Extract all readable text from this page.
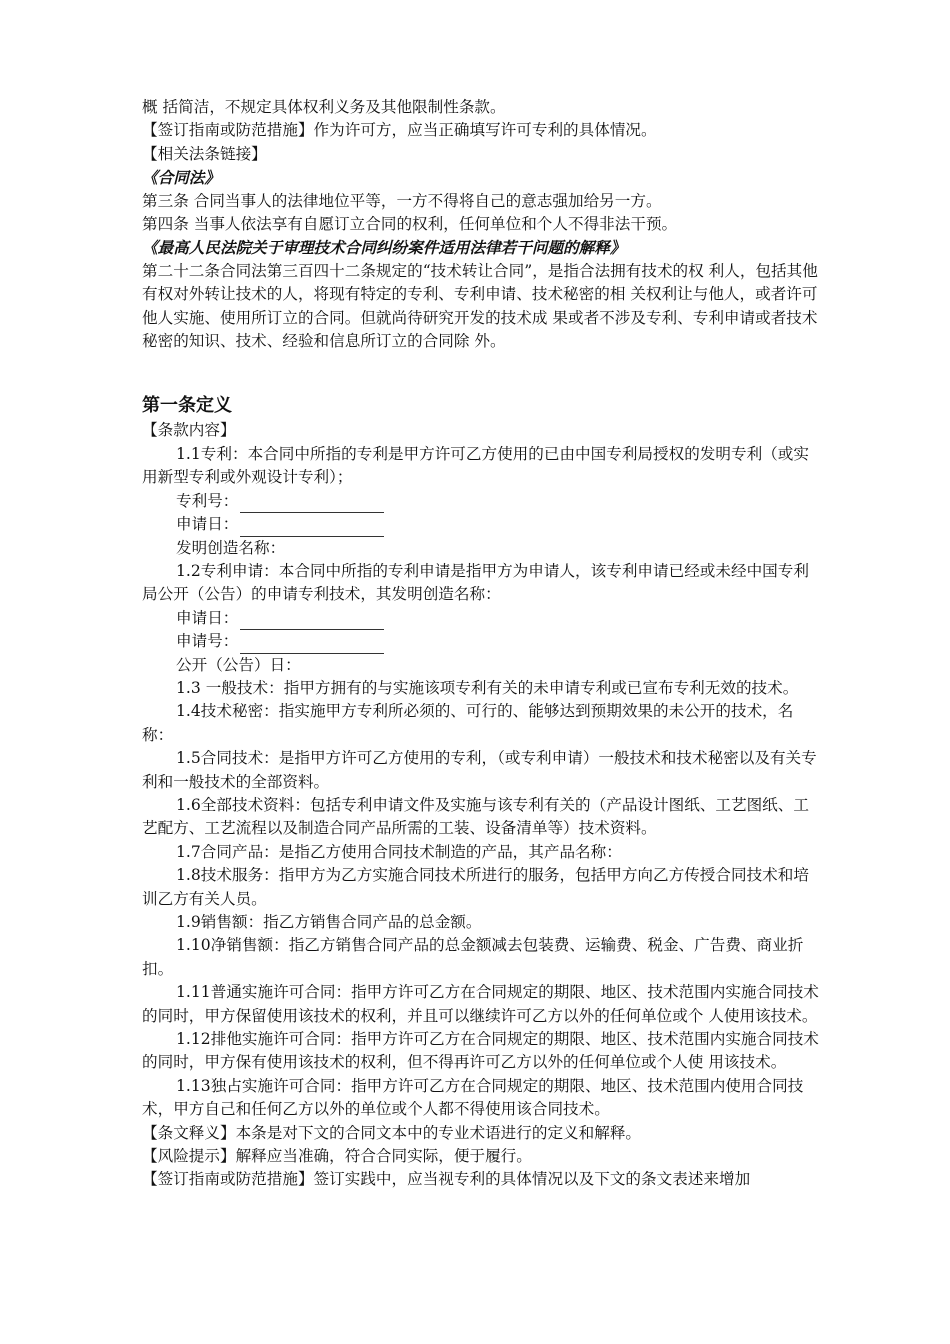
概 括简洁，不规定具体权利义务及其他限制性条款。

【签订指南或防范措施】作为许可方，应当正确填写许可专利的具体情况。

【相关法条链接】

《合同法》

第三条 合同当事人的法律地位平等，一方不得将自己的意志强加给另一方。

第四条 当事人依法享有自愿订立合同的权利，任何单位和个人不得非法干预。

《最高人民法院关于审理技术合同纠纷案件适用法律若干问题的解释》

第二十二条合同法第三百四十二条规定的“技术转让合同”，是指合法拥有技术的权 利人，包括其他有权对外转让技术的人，将现有特定的专利、专利申请、技术秘密的相 关权利让与他人，或者许可他人实施、使用所订立的合同。但就尚待研究开发的技术成 果或者不涉及专利、专利申请或者技术秘密的知识、技术、经验和信息所订立的合同除 外。

第一条定义

【条款内容】

1.1专利：本合同中所指的专利是甲方许可乙方使用的已由中国专利局授权的发明专利（或实用新型专利或外观设计专利）；

专利号：
申请日：

发明创造名称：

1.2专利申请：本合同中所指的专利申请是指甲方为申请人，该专利申请已经或未经中国专利局公开（公告）的申请专利技术，其发明创造名称：

申请日：
申请号：

公开（公告）日：

1.3 一般技术：指甲方拥有的与实施该项专利有关的未申请专利或已宣布专利无效的技术。

1.4技术秘密：指实施甲方专利所必须的、可行的、能够达到预期效果的未公开的技术，名称：

1.5合同技术：是指甲方许可乙方使用的专利，（或专利申请）一般技术和技术秘密以及有关专利和一般技术的全部资料。

1.6全部技术资料：包括专利申请文件及实施与该专利有关的（产品设计图纸、工艺图纸、工艺配方、工艺流程以及制造合同产品所需的工装、设备清单等）技术资料。

1.7合同产品：是指乙方使用合同技术制造的产品，其产品名称：

1.8技术服务：指甲方为乙方实施合同技术所进行的服务，包括甲方向乙方传授合同技术和培训乙方有关人员。

1.9销售额：指乙方销售合同产品的总金额。

1.10净销售额：指乙方销售合同产品的总金额减去包装费、运输费、税金、广告费、商业折扣。

1.11普通实施许可合同：指甲方许可乙方在合同规定的期限、地区、技术范围内实施合同技术的同时，甲方保留使用该技术的权利，并且可以继续许可乙方以外的任何单位或个 人使用该技术。

1.12排他实施许可合同：指甲方许可乙方在合同规定的期限、地区、技术范围内实施合同技术的同时，甲方保有使用该技术的权利，但不得再许可乙方以外的任何单位或个人使 用该技术。

1.13独占实施许可合同：指甲方许可乙方在合同规定的期限、地区、技术范围内使用合同技术，甲方自己和任何乙方以外的单位或个人都不得使用该合同技术。

【条文释义】本条是对下文的合同文本中的专业术语进行的定义和解释。

【风险提示】解释应当准确，符合合同实际，便于履行。

【签订指南或防范措施】签订实践中，应当视专利的具体情况以及下文的条文表述来增加
